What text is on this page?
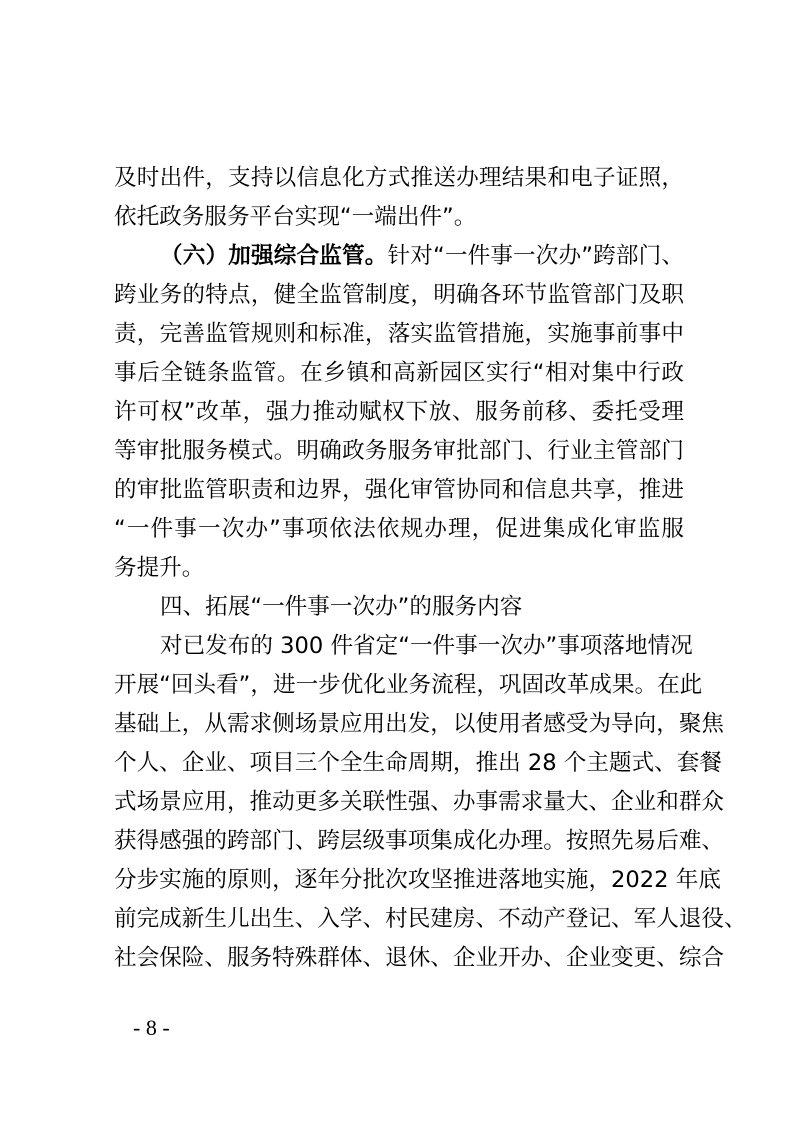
及时出件，支持以信息化方式推送办理结果和电子证照，
依托政务服务平台实现“一端出件”。
（六）加强综合监管。针对“一件事一次办”跨部门、
跨业务的特点，健全监管制度，明确各环节监管部门及职
责，完善监管规则和标准，落实监管措施，实施事前事中
事后全链条监管。在乡镇和高新园区实行“相对集中行政
许可权”改革，强力推动赋权下放、服务前移、委托受理
等审批服务模式。明确政务服务审批部门、行业主管部门
的审批监管职责和边界，强化审管协同和信息共享，推进
“一件事一次办”事项依法依规办理，促进集成化审监服
务提升。
四、拓展“一件事一次办”的服务内容
对已发布的 300 件省定“一件事一次办”事项落地情况
开展“回头看”，进一步优化业务流程，巩固改革成果。在此
基础上，从需求侧场景应用出发，以使用者感受为导向，聚焦
个人、企业、项目三个全生命周期，推出 28 个主题式、套餐
式场景应用，推动更多关联性强、办事需求量大、企业和群众
获得感强的跨部门、跨层级事项集成化办理。按照先易后难、
分步实施的原则，逐年分批次攻坚推进落地实施，2022 年底
前完成新生儿出生、入学、村民建房、不动产登记、军人退役、
社会保险、服务特殊群体、退休、企业开办、企业变更、综合
- 8 -
